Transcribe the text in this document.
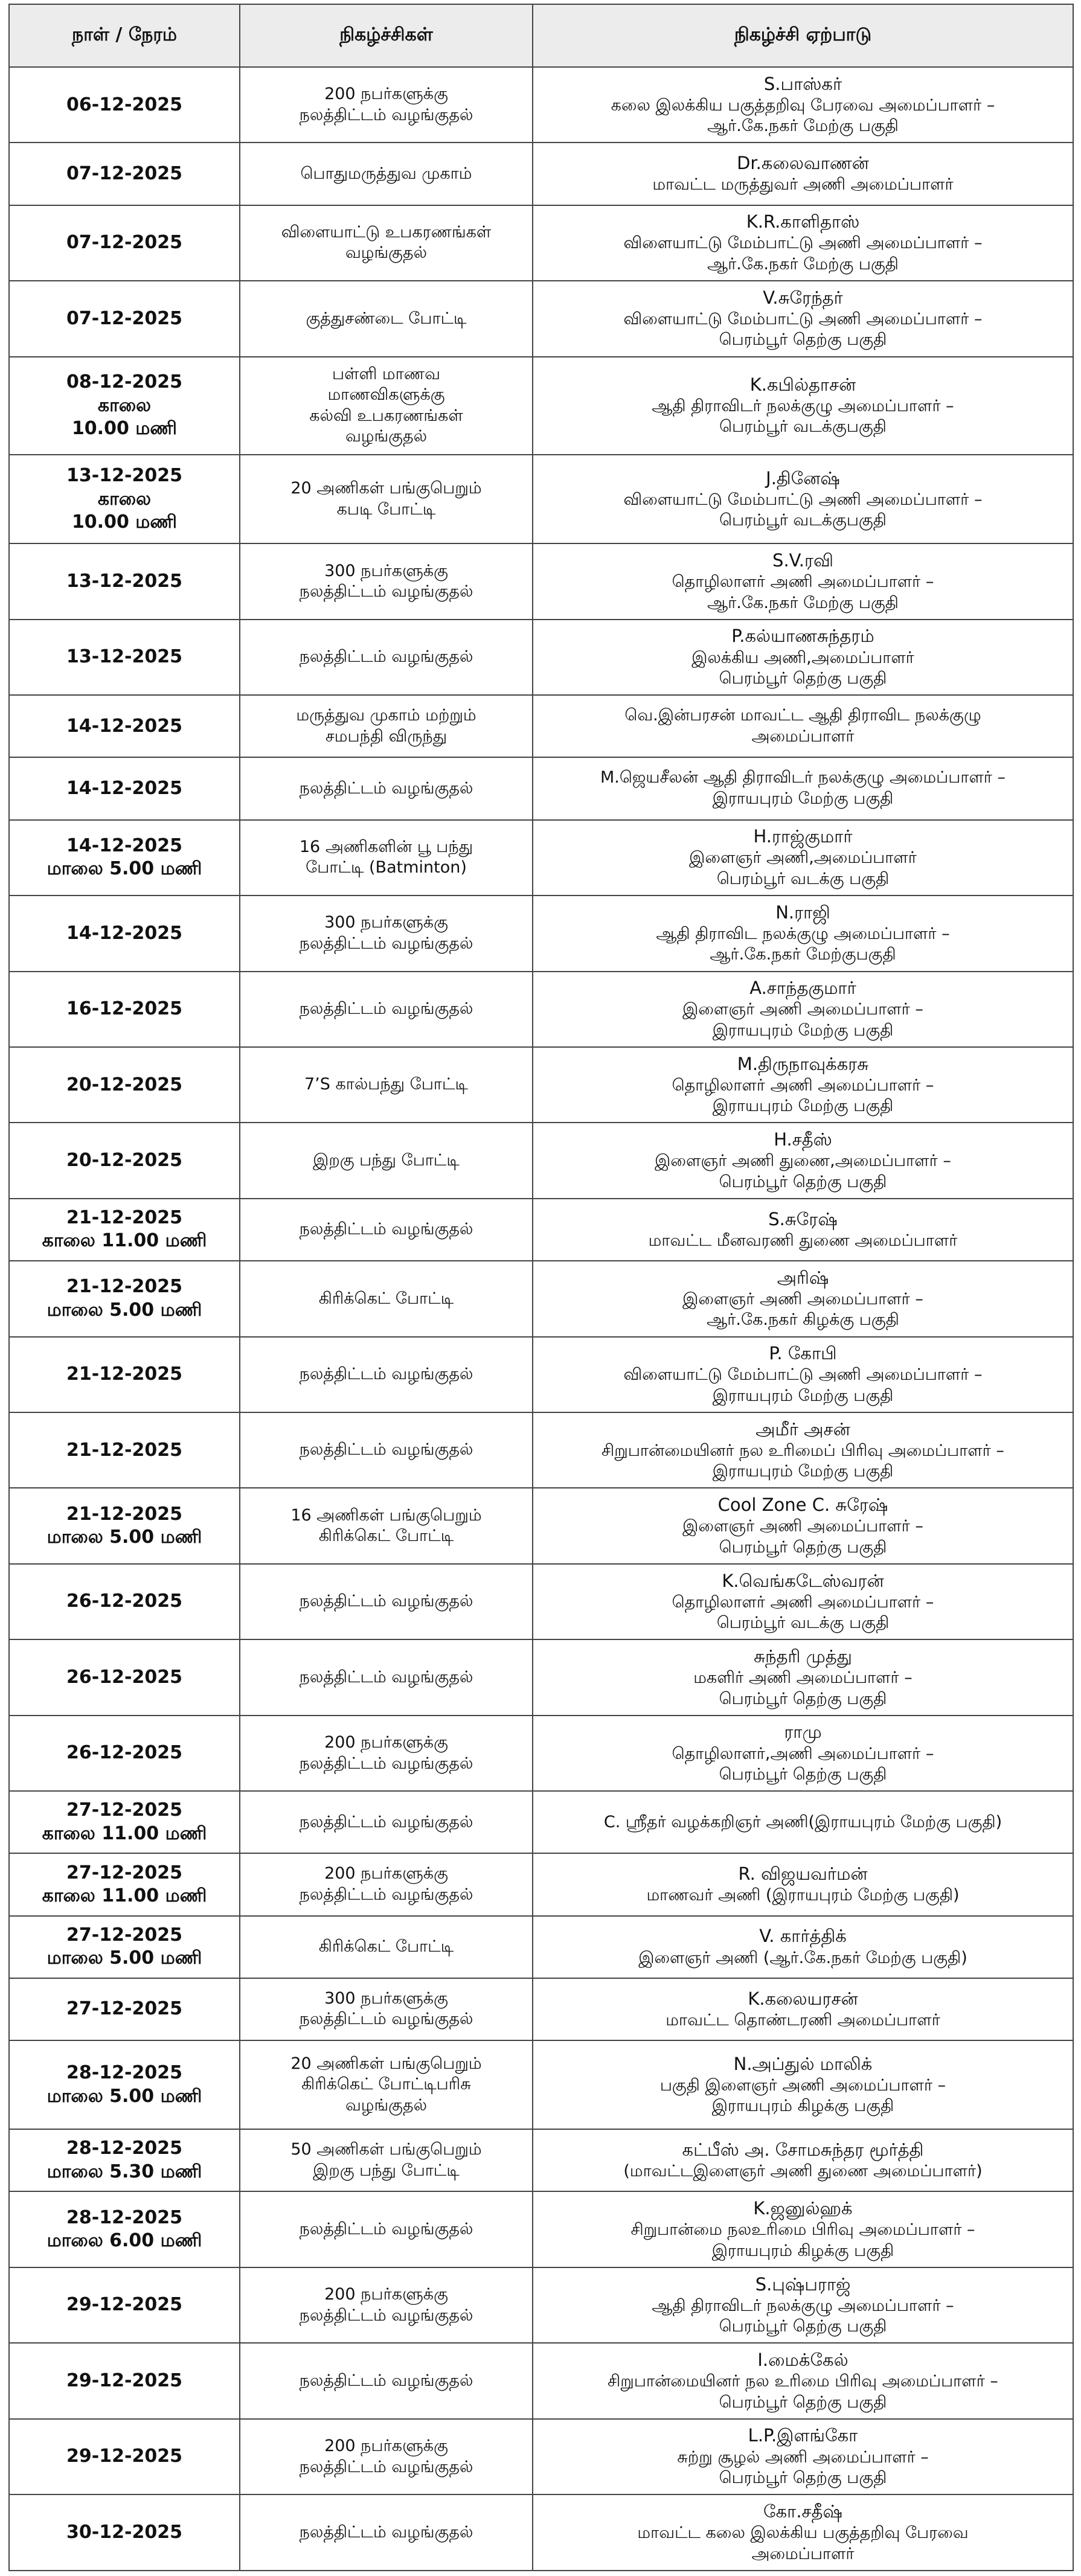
நாள் / நேரம்	நிகழ்ச்சிகள்	நிகழ்ச்சி ஏற்பாடு

06-12-2025	200 நபர்களுக்கு
நலத்திட்டம் வழங்குதல்	S.பாஸ்கர்
கலை இலக்கிய பகுத்தறிவு பேரவை அமைப்பாளர் –
ஆர்.கே.நகர் மேற்கு பகுதி

07-12-2025	பொதுமருத்துவ முகாம்	Dr.கலைவாணன்
மாவட்ட மருத்துவர் அணி அமைப்பாளர்

07-12-2025	விளையாட்டு உபகரணங்கள்
வழங்குதல்	K.R.காளிதாஸ்
விளையாட்டு மேம்பாட்டு அணி அமைப்பாளர் –
ஆர்.கே.நகர் மேற்கு பகுதி

07-12-2025	குத்துசண்டை போட்டி	V.சுரேந்தர்
விளையாட்டு மேம்பாட்டு அணி அமைப்பாளர் –
பெரம்பூர் தெற்கு பகுதி

08-12-2025
காலை
10.00 மணி	பள்ளி மாணவ
மாணவிகளுக்கு
கல்வி உபகரணங்கள்
வழங்குதல்	K.கபில்தாசன்
ஆதி திராவிடர் நலக்குழு அமைப்பாளர் –
பெரம்பூர் வடக்குபகுதி

13-12-2025
காலை
10.00 மணி	20 அணிகள் பங்குபெறும்
கபடி போட்டி	J.தினேஷ்
விளையாட்டு மேம்பாட்டு அணி அமைப்பாளர் –
பெரம்பூர் வடக்குபகுதி

13-12-2025	300 நபர்களுக்கு
நலத்திட்டம் வழங்குதல்	S.V.ரவி
தொழிலாளர் அணி அமைப்பாளர் –
ஆர்.கே.நகர் மேற்கு பகுதி

13-12-2025	நலத்திட்டம் வழங்குதல்	P.கல்யாணசுந்தரம்
இலக்கிய அணி,அமைப்பாளர்
பெரம்பூர் தெற்கு பகுதி

14-12-2025	மருத்துவ முகாம் மற்றும்
சமபந்தி விருந்து	வெ.இன்பரசன் மாவட்ட ஆதி திராவிட நலக்குழு
அமைப்பாளர்

14-12-2025	நலத்திட்டம் வழங்குதல்	M.ஜெயசீலன் ஆதி திராவிடர் நலக்குழு அமைப்பாளர் –
இராயபுரம் மேற்கு பகுதி

14-12-2025
மாலை 5.00 மணி	16 அணிகளின் பூ பந்து
போட்டி (Batminton)	H.ராஜ்குமார்
இளைஞர் அணி,அமைப்பாளர்
பெரம்பூர் வடக்கு பகுதி

14-12-2025	300 நபர்களுக்கு
நலத்திட்டம் வழங்குதல்	N.ராஜி
ஆதி திராவிட நலக்குழு அமைப்பாளர் –
ஆர்.கே.நகர் மேற்குபகுதி

16-12-2025	நலத்திட்டம் வழங்குதல்	A.சாந்தகுமார்
இளைஞர் அணி அமைப்பாளர் –
இராயபுரம் மேற்கு பகுதி

20-12-2025	7’S கால்பந்து போட்டி	M.திருநாவுக்கரசு
தொழிலாளர் அணி அமைப்பாளர் –
இராயபுரம் மேற்கு பகுதி

20-12-2025	இறகு பந்து போட்டி	H.சதீஸ்
இளைஞர் அணி துணை,அமைப்பாளர் –
பெரம்பூர் தெற்கு பகுதி

21-12-2025
காலை 11.00 மணி	நலத்திட்டம் வழங்குதல்	S.சுரேஷ்
மாவட்ட மீனவரணி துணை அமைப்பாளர்

21-12-2025
மாலை 5.00 மணி	கிரிக்கெட் போட்டி	அரிஷ்
இளைஞர் அணி அமைப்பாளர் –
ஆர்.கே.நகர் கிழக்கு பகுதி

21-12-2025	நலத்திட்டம் வழங்குதல்	P. கோபி
விளையாட்டு மேம்பாட்டு அணி அமைப்பாளர் –
இராயபுரம் மேற்கு பகுதி

21-12-2025	நலத்திட்டம் வழங்குதல்	அமீர் அசன்
சிறுபான்மையினர் நல உரிமைப் பிரிவு அமைப்பாளர் –
இராயபுரம் மேற்கு பகுதி

21-12-2025
மாலை 5.00 மணி	16 அணிகள் பங்குபெறும்
கிரிக்கெட் போட்டி	Cool Zone C. சுரேஷ்
இளைஞர் அணி அமைப்பாளர் –
பெரம்பூர் தெற்கு பகுதி

26-12-2025	நலத்திட்டம் வழங்குதல்	K.வெங்கடேஸ்வரன்
தொழிலாளர் அணி அமைப்பாளர் –
பெரம்பூர் வடக்கு பகுதி

26-12-2025	நலத்திட்டம் வழங்குதல்	சுந்தரி முத்து
மகளிர் அணி அமைப்பாளர் –
பெரம்பூர் தெற்கு பகுதி

26-12-2025	200 நபர்களுக்கு
நலத்திட்டம் வழங்குதல்	ராமு
தொழிலாளர்,அணி அமைப்பாளர் –
பெரம்பூர் தெற்கு பகுதி

27-12-2025
காலை 11.00 மணி	நலத்திட்டம் வழங்குதல்	C. ஸ்ரீதர் வழக்கறிஞர் அணி(இராயபுரம் மேற்கு பகுதி)

27-12-2025
காலை 11.00 மணி	200 நபர்களுக்கு
நலத்திட்டம் வழங்குதல்	R. விஜயவர்மன்
மாணவர் அணி (இராயபுரம் மேற்கு பகுதி)

27-12-2025
மாலை 5.00 மணி	கிரிக்கெட் போட்டி	V. கார்த்திக்
இளைஞர் அணி (ஆர்.கே.நகர் மேற்கு பகுதி)

27-12-2025	300 நபர்களுக்கு
நலத்திட்டம் வழங்குதல்	K.கலையரசன்
மாவட்ட தொண்டரணி அமைப்பாளர்

28-12-2025
மாலை 5.00 மணி	20 அணிகள் பங்குபெறும்
கிரிக்கெட் போட்டிபரிசு
வழங்குதல்	N.அப்துல் மாலிக்
பகுதி இளைஞர் அணி அமைப்பாளர் –
இராயபுரம் கிழக்கு பகுதி

28-12-2025
மாலை 5.30 மணி	50 அணிகள் பங்குபெறும்
இறகு பந்து போட்டி	கட்பீஸ் அ. சோமசுந்தர மூர்த்தி
(மாவட்டஇளைஞர் அணி துணை அமைப்பாளர்)

28-12-2025
மாலை 6.00 மணி	நலத்திட்டம் வழங்குதல்	K.ஜனுல்ஹக்
சிறுபான்மை நலஉரிமை பிரிவு அமைப்பாளர் –
இராயபுரம் கிழக்கு பகுதி

29-12-2025	200 நபர்களுக்கு
நலத்திட்டம் வழங்குதல்	S.புஷ்பராஜ்
ஆதி திராவிடர் நலக்குழு அமைப்பாளர் –
பெரம்பூர் தெற்கு பகுதி

29-12-2025	நலத்திட்டம் வழங்குதல்	I.மைக்கேல்
சிறுபான்மையினர் நல உரிமை பிரிவு அமைப்பாளர் –
பெரம்பூர் தெற்கு பகுதி

29-12-2025	200 நபர்களுக்கு
நலத்திட்டம் வழங்குதல்	L.P.இளங்கோ
சுற்று சூழல் அணி அமைப்பாளர் –
பெரம்பூர் தெற்கு பகுதி

30-12-2025	நலத்திட்டம் வழங்குதல்	கோ.சதீஷ்
மாவட்ட கலை இலக்கிய பகுத்தறிவு பேரவை
அமைப்பாளர்
